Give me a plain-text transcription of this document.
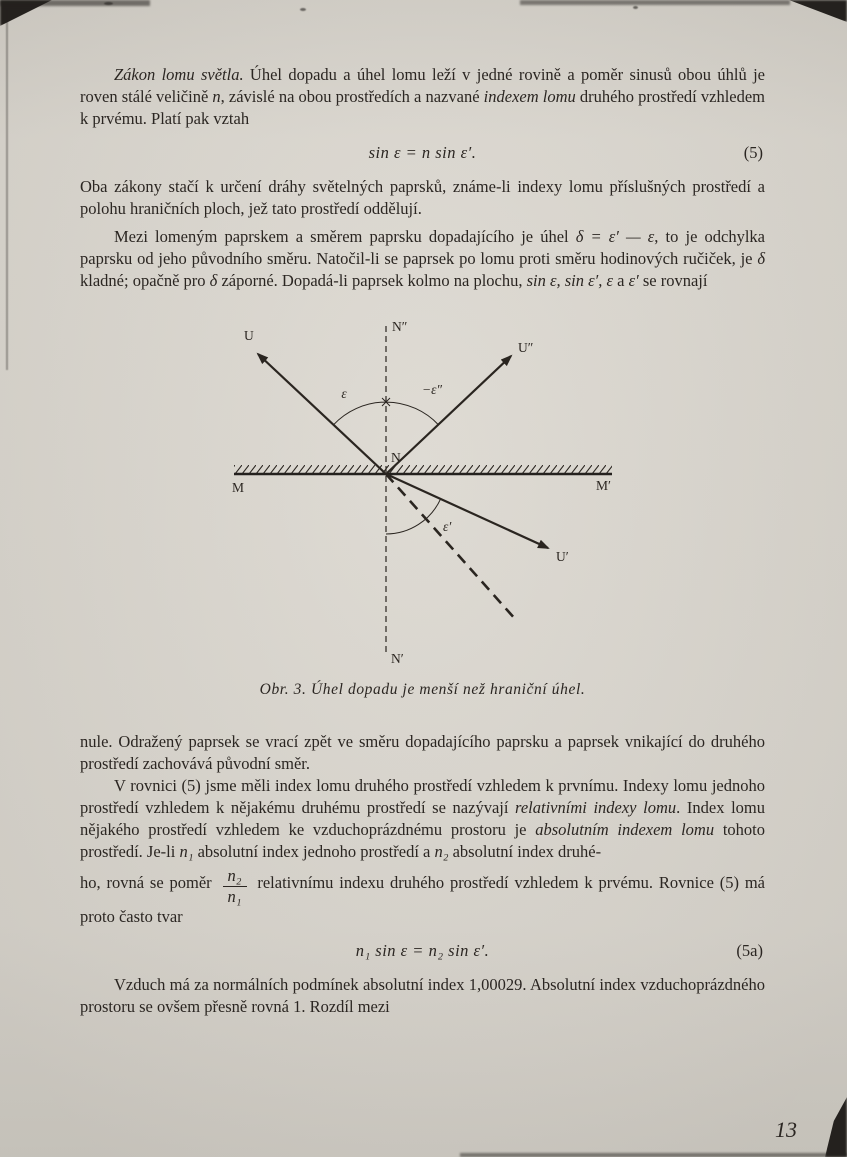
Zákon lomu světla. Úhel dopadu a úhel lomu leží v jedné rovině a poměr sinusů obou úhlů je roven stálé veličině n, závislé na obou prostředích a nazvané indexem lomu druhého prostředí vzhledem k prvému. Platí pak vztah

sin ε = n sin ε′.	(5)

Oba zákony stačí k určení dráhy světelných paprsků, známe-li indexy lomu příslušných prostředí a polohu hraničních ploch, jež tato prostředí oddělují.

Mezi lomeným paprskem a směrem paprsku dopadajícího je úhel δ = ε′ — ε, to je odchylka paprsku od jeho původního směru. Natočil-li se paprsek po lomu proti směru hodinových ručiček, je δ kladné; opačně pro δ záporné. Dopadá-li paprsek kolmo na plochu, sin ε, sin ε′, ε a ε′ se rovnají

N″
U
U″
ε	−ε″
N
M	M′
ε′
U′
N′
Obr. 3. Úhel dopadu je menší než hraniční úhel.

nule. Odražený paprsek se vrací zpět ve směru dopadajícího paprsku a paprsek vnikající do druhého prostředí zachovává původní směr.

V rovnici (5) jsme měli index lomu druhého prostředí vzhledem k prvnímu. Indexy lomu jednoho prostředí vzhledem k nějakému druhému prostředí se nazývají relativními indexy lomu. Index lomu nějakého prostředí vzhledem ke vzduchoprázdnému prostoru je absolutním indexem lomu tohoto prostředí. Je-li n₁ absolutní index jednoho prostředí a n₂ absolutní index druhé-

ho, rovná se poměr $\frac{\text{n₂}}{\text{n₁}}$ relativnímu indexu druhého prostředí vzhledem k prvému. Rovnice (5) má proto často tvar

n₁ sin ε = n₂ sin ε′.	(5a)

Vzduch má za normálních podmínek absolutní index 1,00029. Absolutní index vzduchoprázdného prostoru se ovšem přesně rovná 1. Rozdíl mezi

13
